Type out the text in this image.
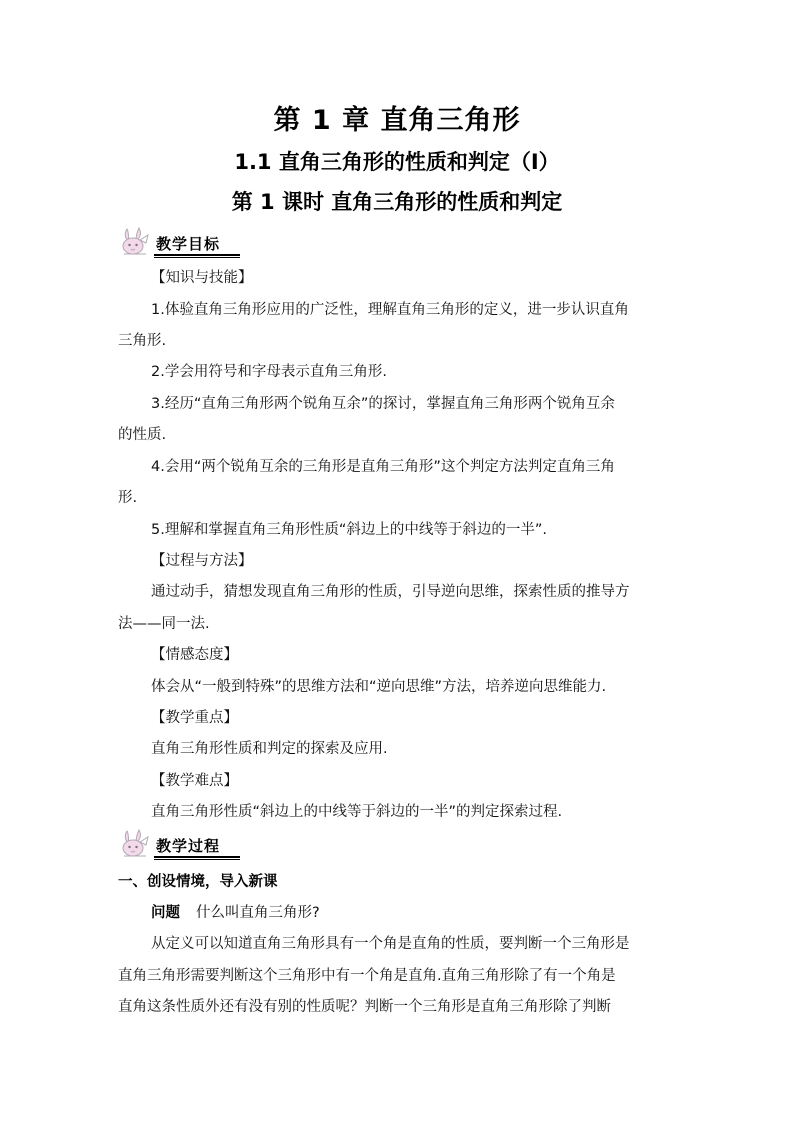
第 1 章 直角三角形
1.1 直角三角形的性质和判定（Ⅰ）
第 1 课时 直角三角形的性质和判定
教学目标
【知识与技能】
1.体验直角三角形应用的广泛性，理解直角三角形的定义，进一步认识直角
三角形.
2.学会用符号和字母表示直角三角形.
3.经历“直角三角形两个锐角互余”的探讨，掌握直角三角形两个锐角互余
的性质.
4.会用“两个锐角互余的三角形是直角三角形”这个判定方法判定直角三角
形.
5.理解和掌握直角三角形性质“斜边上的中线等于斜边的一半”.
【过程与方法】
通过动手，猜想发现直角三角形的性质，引导逆向思维，探索性质的推导方
法——同一法.
【情感态度】
体会从“一般到特殊”的思维方法和“逆向思维”方法，培养逆向思维能力.
【教学重点】
直角三角形性质和判定的探索及应用.
【教学难点】
直角三角形性质“斜边上的中线等于斜边的一半”的判定探索过程.
教学过程
一、创设情境，导入新课
问题 什么叫直角三角形?
从定义可以知道直角三角形具有一个角是直角的性质，要判断一个三角形是
直角三角形需要判断这个三角形中有一个角是直角.直角三角形除了有一个角是
直角这条性质外还有没有别的性质呢？判断一个三角形是直角三角形除了判断
